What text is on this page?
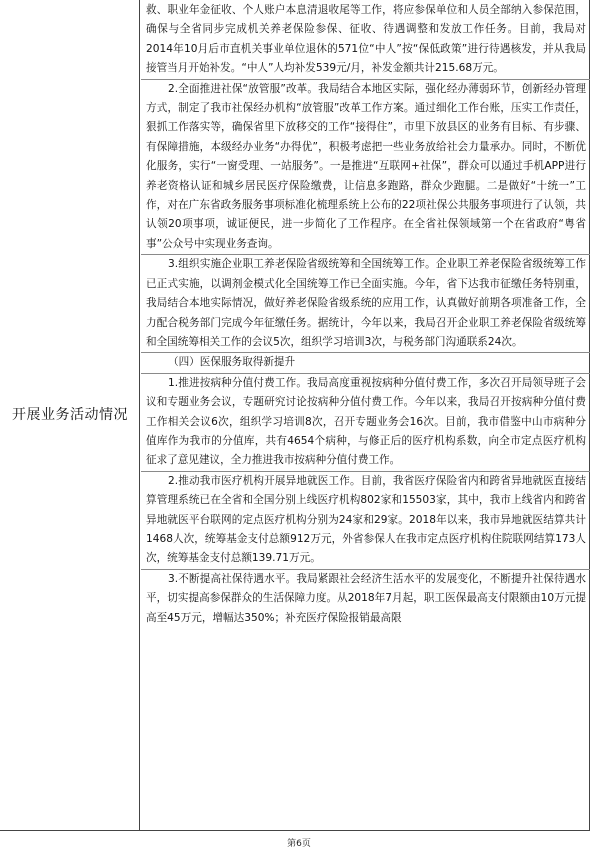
开展业务活动情况
救、职业年金征收、个人账户本息清退收尾等工作，将应参保单位和人员全部纳入参保范围，确保与全省同步完成机关养老保险参保、征收、待遇调整和发放工作任务。目前，我局对2014年10月后市直机关事业单位退休的571位“中人”按“保低政策”进行待遇核发，并从我局接管当月开始补发。“中人”人均补发539元/月，补发金额共计215.68万元。
2.全面推进社保“放管服”改革。我局结合本地区实际，强化经办薄弱环节，创新经办管理方式，制定了我市社保经办机构“放管服”改革工作方案。通过细化工作台账，压实工作责任，狠抓工作落实等，确保省里下放移交的工作“接得住”，市里下放县区的业务有目标、有步骤、有保障措施，本级经办业务“办得优”，积极考虑把一些业务放给社会力量承办。同时，不断优化服务，实行“一窗受理、一站服务”。一是推进“互联网+社保”，群众可以通过手机APP进行养老资格认证和城乡居民医疗保险缴费，让信息多跑路，群众少跑腿。二是做好“十统一”工作，对在广东省政务服务事项标准化梳理系统上公布的22项社保公共服务事项进行了认领，共认领20项事项，诚证便民，进一步简化了工作程序。在全省社保领域第一个在省政府“粤省事”公众号中实现业务查询。
3.组织实施企业职工养老保险省级统筹和全国统筹工作。企业职工养老保险省级统筹工作已正式实施，以调剂金模式化全国统筹工作已全面实施。今年，省下达我市征缴任务特别重，我局结合本地实际情况，做好养老保险省级系统的应用工作，认真做好前期各项准备工作，全力配合税务部门完成今年征缴任务。据统计，今年以来，我局召开企业职工养老保险省级统筹和全国统筹相关工作的会议5次，组织学习培训3次，与税务部门沟通联系24次。
（四）医保服务取得新提升
1.推进按病种分值付费工作。我局高度重视按病种分值付费工作，多次召开局领导班子会议和专题业务会议，专题研究讨论按病种分值付费工作。今年以来，我局召开按病种分值付费工作相关会议6次，组织学习培训8次，召开专题业务会16次。目前，我市借鉴中山市病种分值库作为我市的分值库，共有4654个病种，与修正后的医疗机构系数，向全市定点医疗机构征求了意见建议，全力推进我市按病种分值付费工作。
2.推动我市医疗机构开展异地就医工作。目前，我省医疗保险省内和跨省异地就医直接结算管理系统已在全省和全国分别上线医疗机构802家和15503家，其中，我市上线省内和跨省异地就医平台联网的定点医疗机构分别为24家和29家。2018年以来，我市异地就医结算共计1468人次，统筹基金支付总额912万元，外省参保人在我市定点医疗机构住院联网结算173人次，统筹基金支付总额139.71万元。
3.不断提高社保待遇水平。我局紧跟社会经济生活水平的发展变化，不断提升社保待遇水平，切实提高参保群众的生活保障力度。从2018年7月起，职工医保最高支付限额由10万元提高至45万元，增幅达350%；补充医疗保险报销最高限
第6页
